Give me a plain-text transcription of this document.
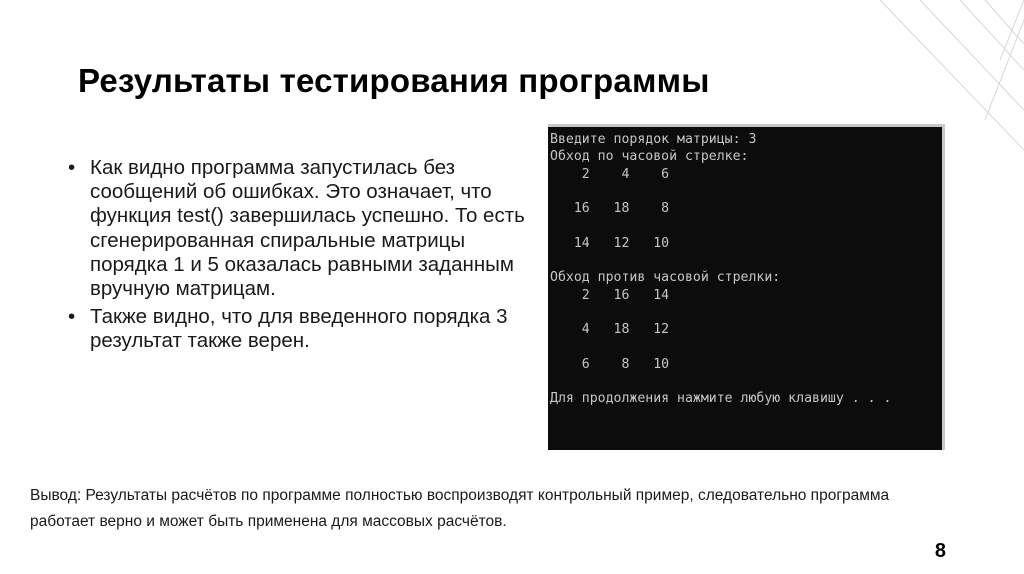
Результаты тестирования программы
• Как видно программа запустилась без сообщений об ошибках. Это означает, что функция test() завершилась успешно. То есть сгенерированная спиральные матрицы порядка 1 и 5 оказалась равными заданным вручную матрицам.
• Также видно, что для введенного порядка 3 результат также верен.
Введите порядок матрицы: 3
Обход по часовой стрелке:
2    4    6

16   18    8

14   12   10

Обход против часовой стрелки:
2   16   14

4   18   12

6    8   10

Для продолжения нажмите любую клавишу . . .
Вывод: Результаты расчётов по программе полностью воспроизводят контрольный пример, следовательно программа работает верно и может быть применена для массовых расчётов.
8
